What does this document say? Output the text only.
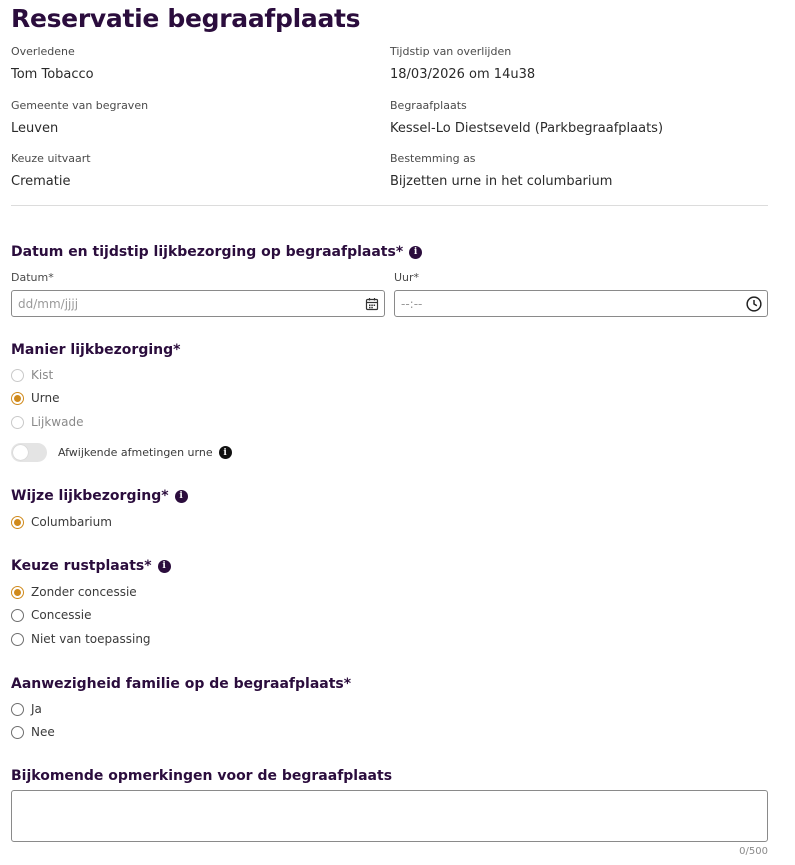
Reservatie begraafplaats
Overledene
Tom Tobacco
Tijdstip van overlijden
18/03/2026 om 14u38
Gemeente van begraven
Leuven
Begraafplaats
Kessel-Lo Diestseveld (Parkbegraafplaats)
Keuze uitvaart
Crematie
Bestemming as
Bijzetten urne in het columbarium
Datum en tijdstip lijkbezorging op begraafplaats*	i
Datum*	Uur*
dd/mm/jjjj	--:--
Manier lijkbezorging*
Kist
Urne
Lijkwade
Afwijkende afmetingen urne	i
Wijze lijkbezorging*	i
Columbarium
Keuze rustplaats*	i
Zonder concessie
Concessie
Niet van toepassing
Aanwezigheid familie op de begraafplaats*
Ja
Nee
Bijkomende opmerkingen voor de begraafplaats
0/500
